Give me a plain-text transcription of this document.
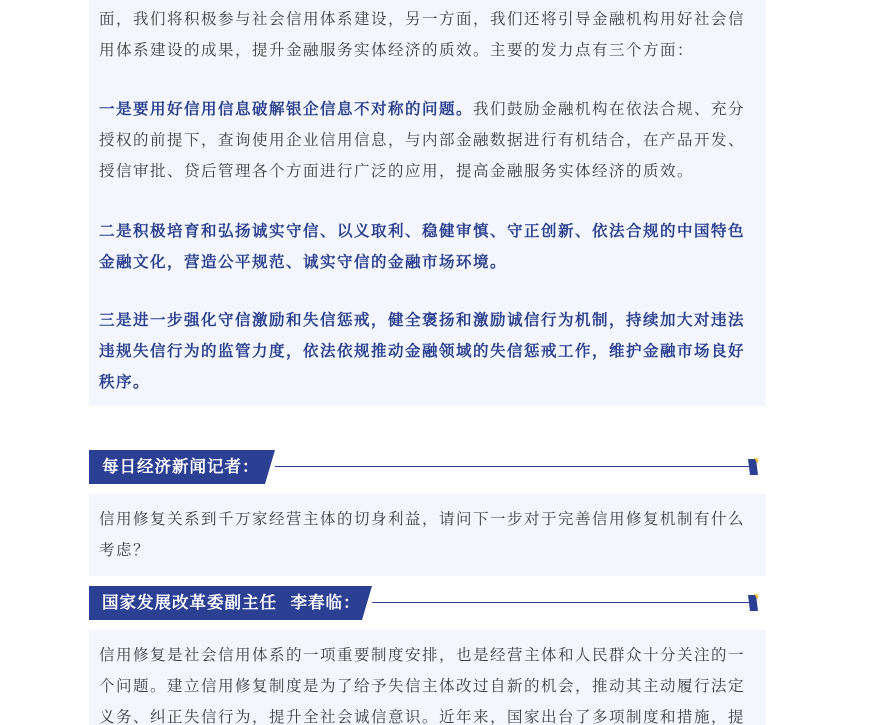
面，我们将积极参与社会信用体系建设，另一方面，我们还将引导金融机构用好社会信
用体系建设的成果，提升金融服务实体经济的质效。主要的发力点有三个方面：

一是要用好信用信息破解银企信息不对称的问题。我们鼓励金融机构在依法合规、充分
授权的前提下，查询使用企业信用信息，与内部金融数据进行有机结合，在产品开发、
授信审批、贷后管理各个方面进行广泛的应用，提高金融服务实体经济的质效。

二是积极培育和弘扬诚实守信、以义取利、稳健审慎、守正创新、依法合规的中国特色
金融文化，营造公平规范、诚实守信的金融市场环境。

三是进一步强化守信激励和失信惩戒，健全褒扬和激励诚信行为机制，持续加大对违法
违规失信行为的监管力度，依法依规推动金融领域的失信惩戒工作，维护金融市场良好
秩序。

每日经济新闻记者：

信用修复关系到千万家经营主体的切身利益，请问下一步对于完善信用修复机制有什么
考虑？

国家发展改革委副主任  李春临：

信用修复是社会信用体系的一项重要制度安排，也是经营主体和人民群众十分关注的一
个问题。建立信用修复制度是为了给予失信主体改过自新的机会，推动其主动履行法定
义务、纠正失信行为，提升全社会诚信意识。近年来，国家出台了多项制度和措施，提
